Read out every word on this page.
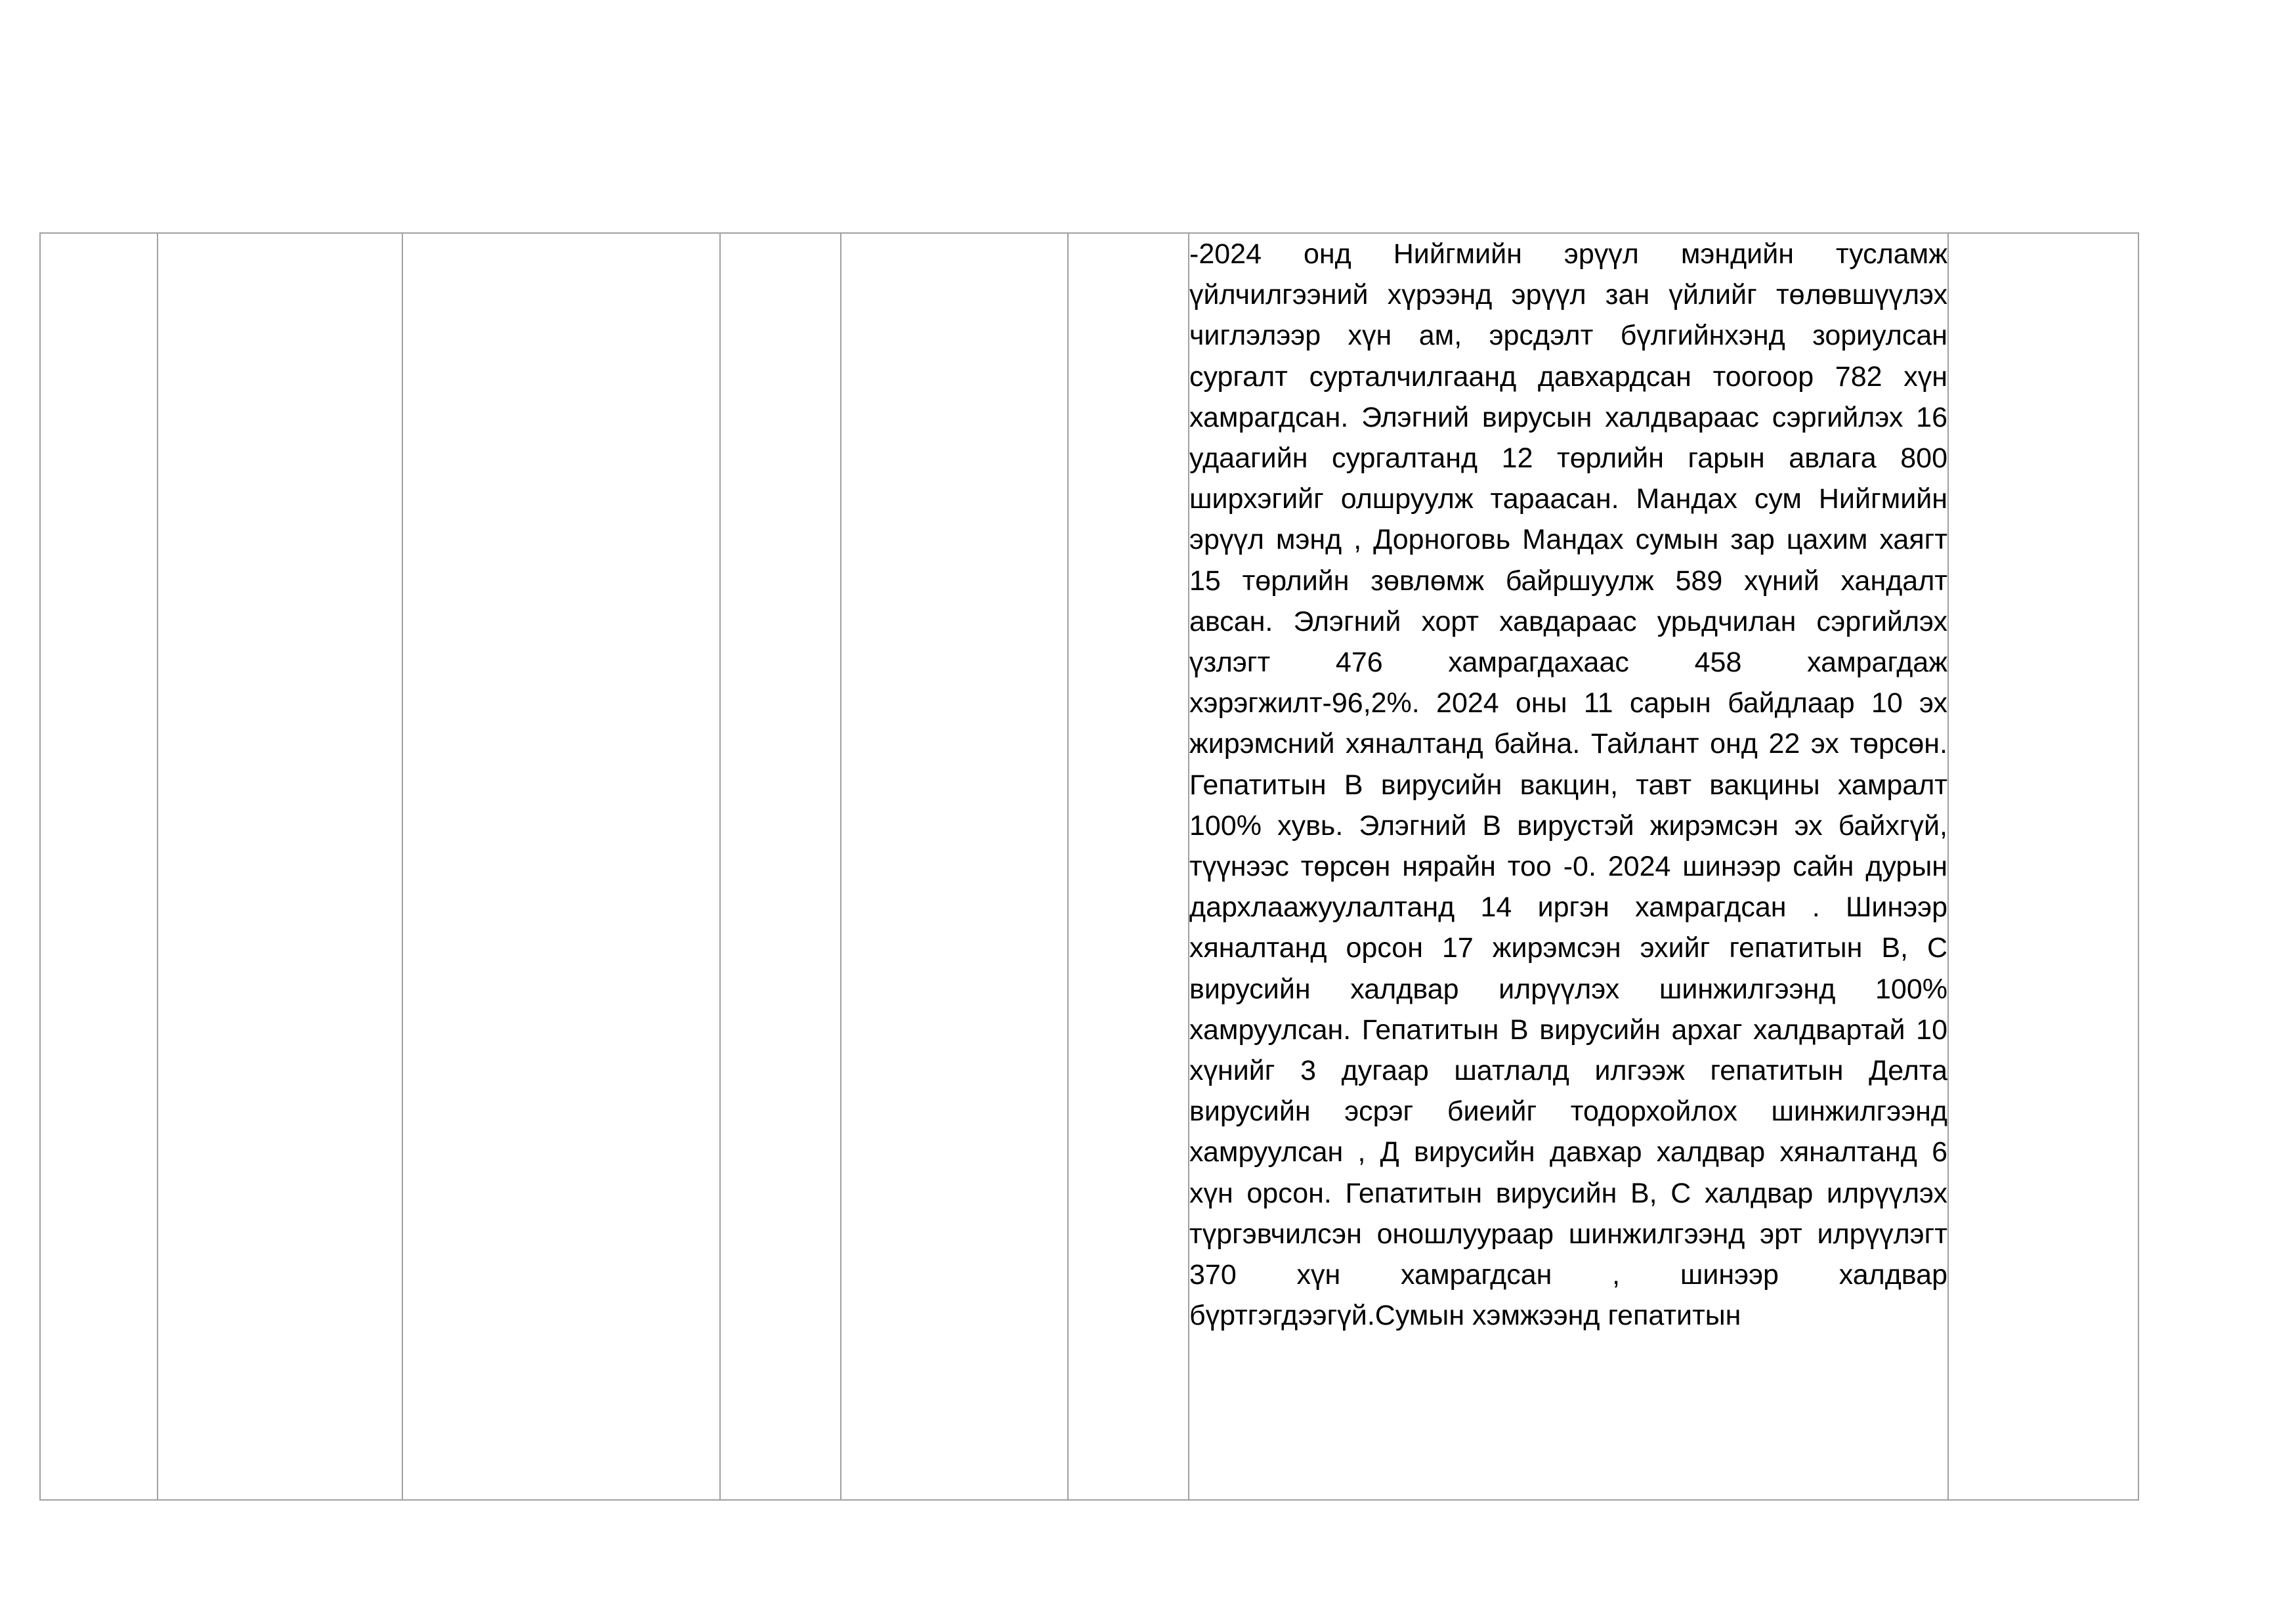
-2024 онд Нийгмийн эрүүл мэндийн тусламж үйлчилгээний хүрээнд эрүүл зан үйлийг төлөвшүүлэх чиглэлээр хүн ам, эрсдэлт бүлгийнхэнд зориулсан сургалт сурталчилгаанд давхардсан тоогоор 782 хүн хамрагдсан. Элэгний вирусын халдвараас сэргийлэх 16 удаагийн сургалтанд 12 төрлийн гарын авлага 800 ширхэгийг олшруулж тараасан. Мандах сум Нийгмийн эрүүл мэнд , Дорноговь Мандах сумын зар цахим хаягт 15 төрлийн зөвлөмж байршуулж 589 хүний хандалт авсан. Элэгний хорт хавдараас урьдчилан сэргийлэх үзлэгт 476 хамрагдахаас 458 хамрагдаж хэрэгжилт-96,2%. 2024 оны 11 сарын байдлаар 10 эх жирэмсний хяналтанд байна. Тайлант онд 22 эх төрсөн. Гепатитын В вирусийн вакцин, тавт вакцины хамралт 100% хувь. Элэгний В вирустэй жирэмсэн эх байхгүй, түүнээс төрсөн нярайн тоо -0. 2024 шинээр сайн дурын дархлаажуулалтанд 14 иргэн хамрагдсан . Шинээр хяналтанд орсон 17 жирэмсэн эхийг гепатитын В, С вирусийн халдвар илрүүлэх шинжилгээнд 100% хамруулсан. Гепатитын В вирусийн архаг халдвартай 10 хүнийг 3 дугаар шатлалд илгээж гепатитын Делта вирусийн эсрэг биеийг тодорхойлох шинжилгээнд хамруулсан , Д вирусийн давхар халдвар хяналтанд 6 хүн орсон. Гепатитын вирусийн В, С халдвар илрүүлэх түргэвчилсэн оношлуураар шинжилгээнд эрт илрүүлэгт 370 хүн хамрагдсан , шинээр халдвар бүртгэгдээгүй.Сумын хэмжээнд гепатитын
